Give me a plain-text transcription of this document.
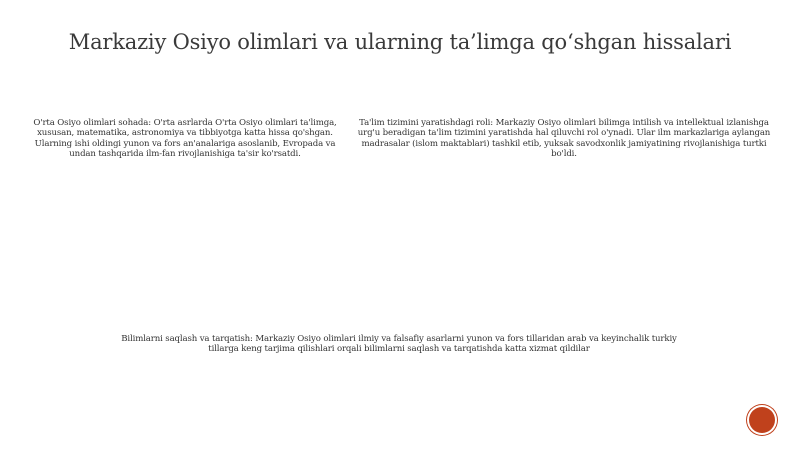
Markaziy Osiyo olimlari va ularning ta’limga qo‘shgan hissalari
O'rta Osiyo olimlari sohada: O'rta asrlarda O'rta Osiyo olimlari ta'limga, xususan, matematika, astronomiya va tibbiyotga katta hissa qo'shgan. Ularning ishi oldingi yunon va fors an'analariga asoslanib, Evropada va undan tashqarida ilm-fan rivojlanishiga ta'sir ko'rsatdi.
Ta'lim tizimini yaratishdagi roli: Markaziy Osiyo olimlari bilimga intilish va intellektual izlanishga urg'u beradigan ta'lim tizimini yaratishda hal qiluvchi rol o'ynadi. Ular ilm markazlariga aylangan madrasalar (islom maktablari) tashkil etib, yuksak savodxonlik jamiyatining rivojlanishiga turtki bo'ldi.
Bilimlarni saqlash va tarqatish: Markaziy Osiyo olimlari ilmiy va falsafiy asarlarni yunon va fors tillaridan arab va keyinchalik turkiy tillarga keng tarjima qilishlari orqali bilimlarni saqlash va tarqatishda katta xizmat qildilar
